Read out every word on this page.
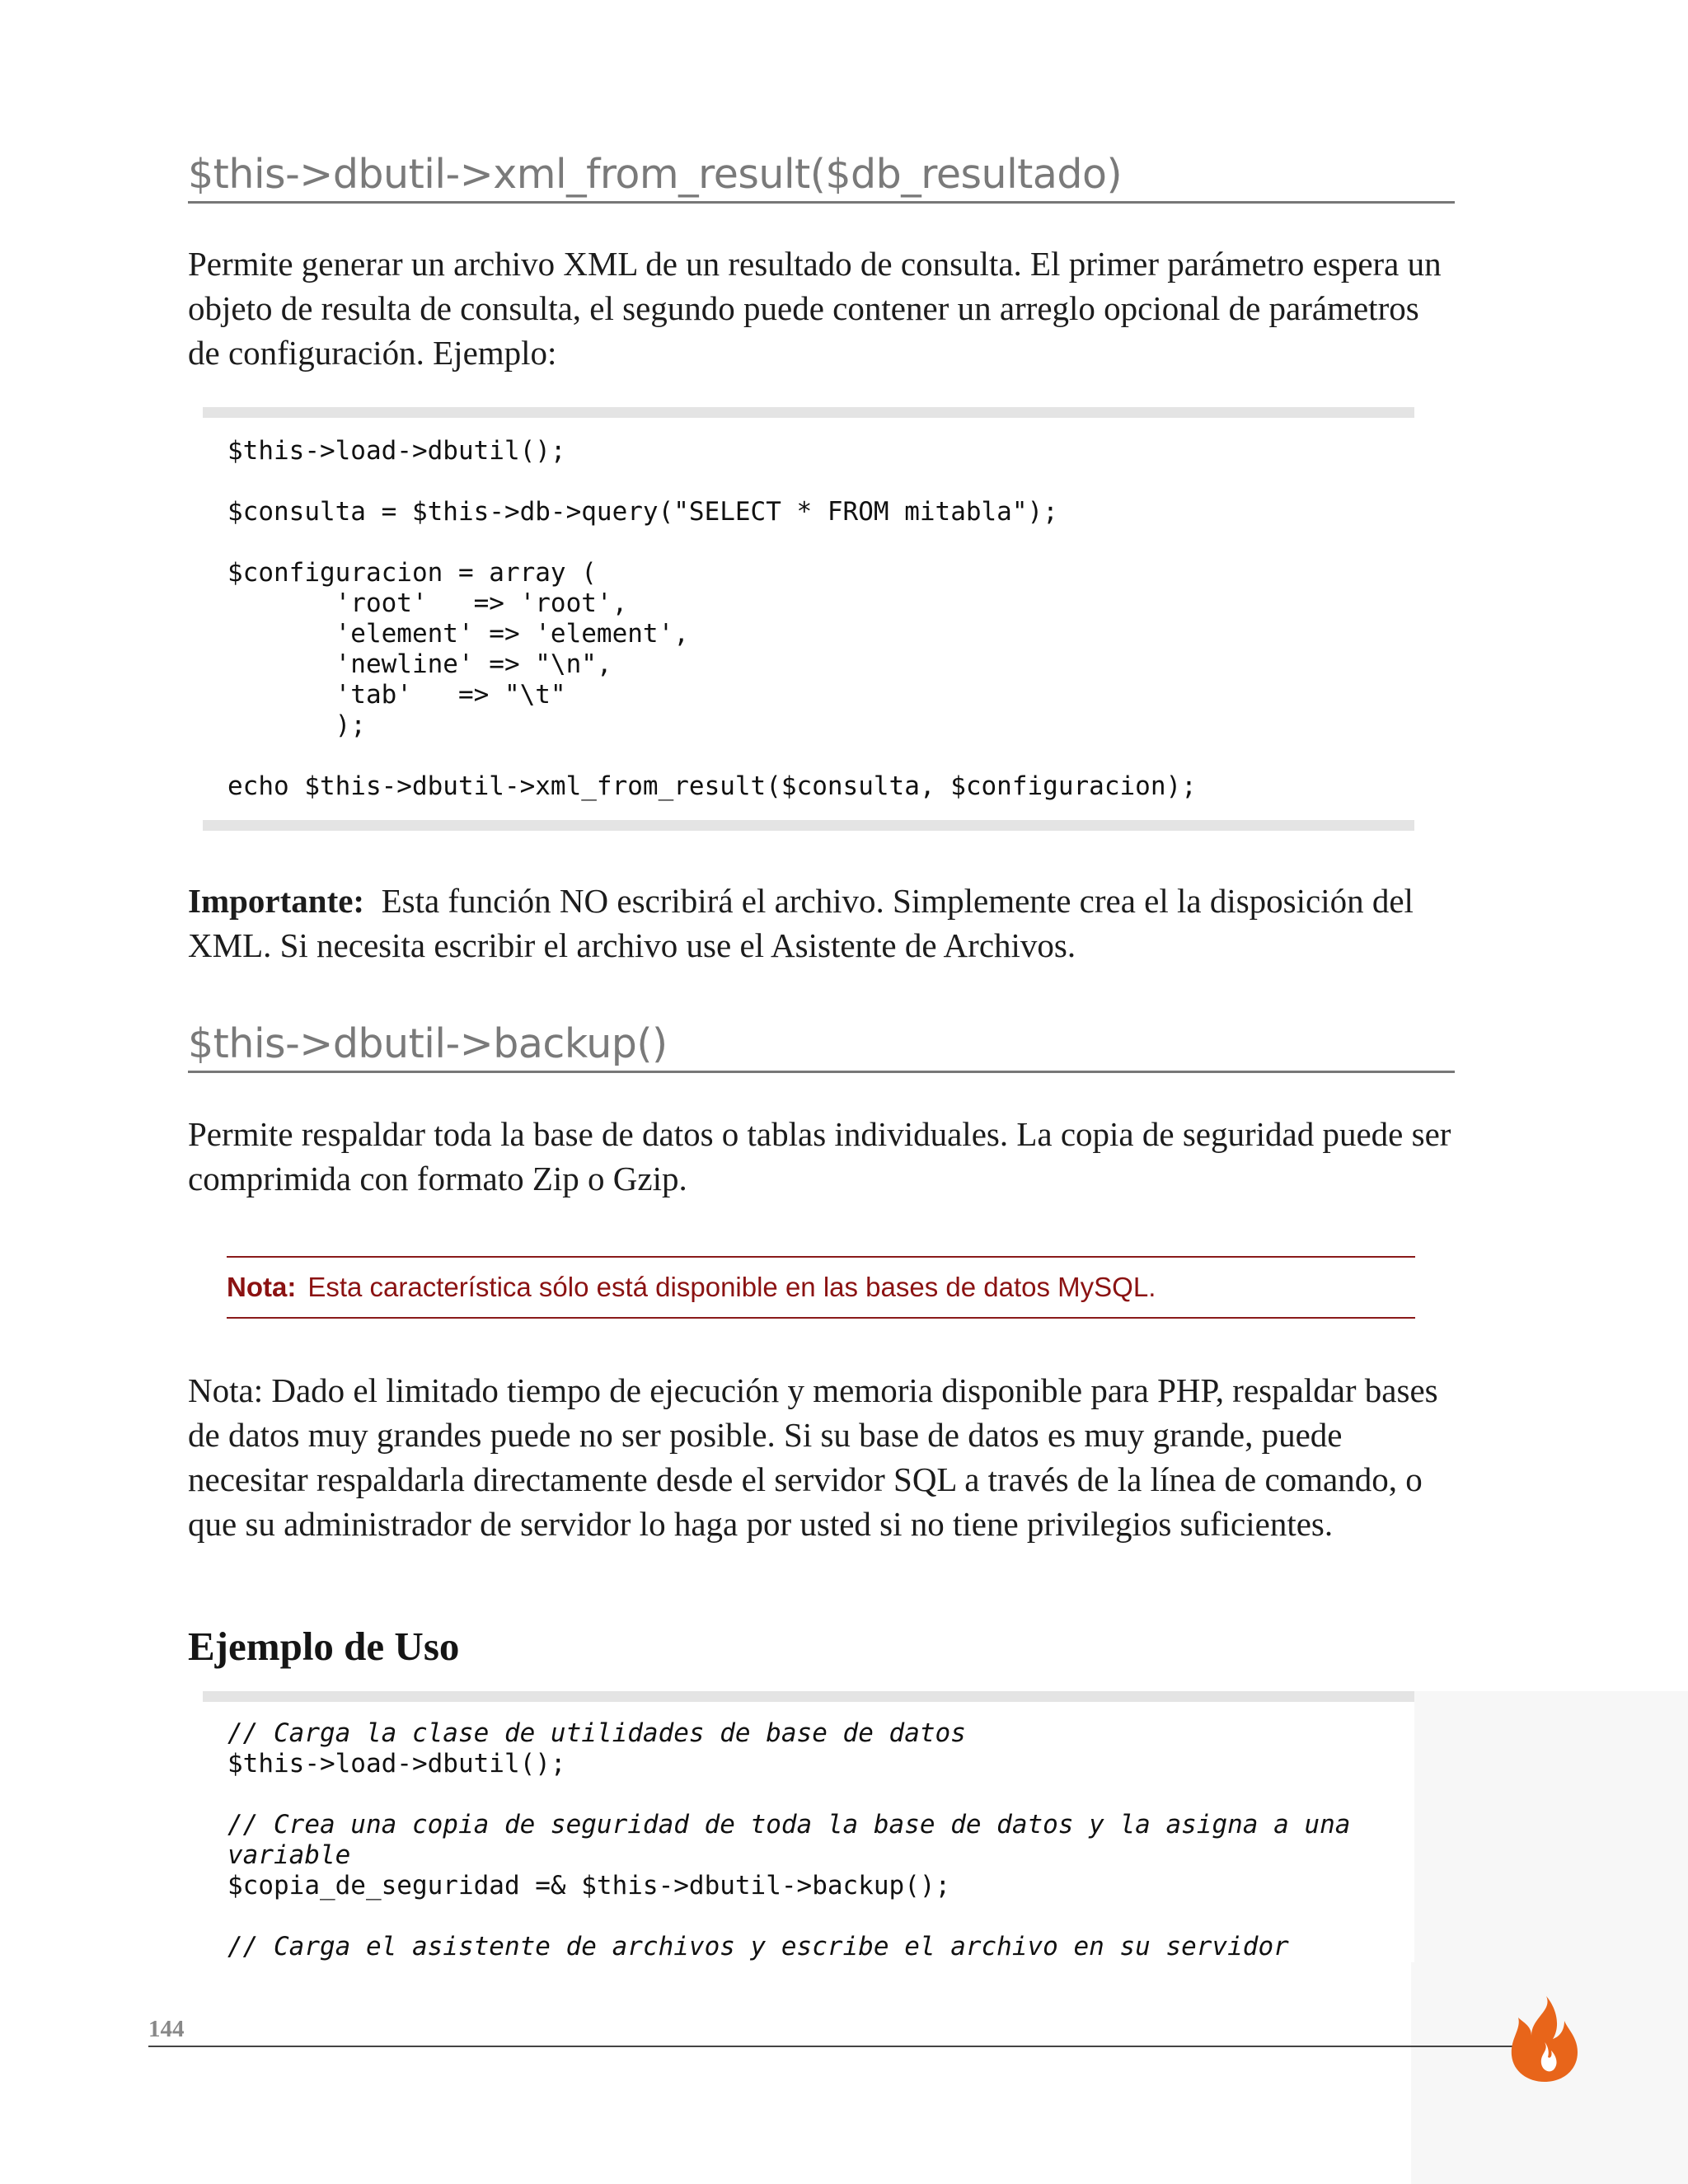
$this->dbutil->xml_from_result($db_resultado)

Permite generar un archivo XML de un resultado de consulta. El primer parámetro espera un objeto de resulta de consulta, el segundo puede contener un arreglo opcional de parámetros de configuración. Ejemplo:

$this->load->dbutil();

$consulta = $this->db->query("SELECT * FROM mitabla");

$configuracion = array (
'root'   => 'root',
'element' => 'element',
'newline' => "\n",
'tab'   => "\t"
);

echo $this->dbutil->xml_from_result($consulta, $configuracion);

Importante: Esta función NO escribirá el archivo. Simplemente crea el la disposición del XML. Si necesita escribir el archivo use el Asistente de Archivos.

$this->dbutil->backup()

Permite respaldar toda la base de datos o tablas individuales. La copia de seguridad puede ser comprimida con formato Zip o Gzip.

Nota: Esta característica sólo está disponible en las bases de datos MySQL.

Nota: Dado el limitado tiempo de ejecución y memoria disponible para PHP, respaldar bases de datos muy grandes puede no ser posible. Si su base de datos es muy grande, puede necesitar respaldarla directamente desde el servidor SQL a través de la línea de comando, o que su administrador de servidor lo haga por usted si no tiene privilegios suficientes.

Ejemplo de Uso
// Carga la clase de utilidades de base de datos
$this->load->dbutil();

// Crea una copia de seguridad de toda la base de datos y la asigna a una
variable
$copia_de_seguridad =& $this->dbutil->backup();

// Carga el asistente de archivos y escribe el archivo en su servidor
144
